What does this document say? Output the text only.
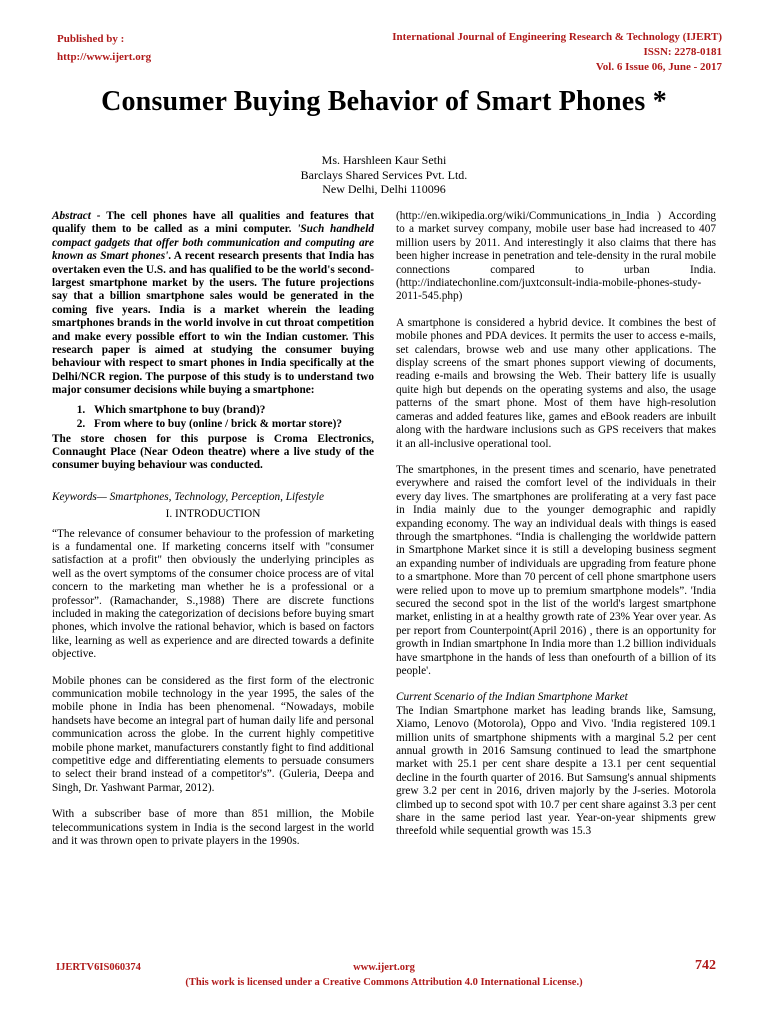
Published by :
http://www.ijert.org
International Journal of Engineering Research & Technology (IJERT)
ISSN: 2278-0181
Vol. 6 Issue 06, June - 2017
Consumer Buying Behavior of Smart Phones *
Ms. Harshleen Kaur Sethi
Barclays Shared Services Pvt. Ltd.
New Delhi, Delhi 110096

Abstract - The cell phones have all qualities and features that qualify them to be called as a mini computer. 'Such handheld compact gadgets that offer both communication and computing are known as Smart phones'. A recent research presents that India has overtaken even the U.S. and has qualified to be the world's second-largest smartphone market by the users. The future projections say that a billion smartphone sales would be generated in the coming five years. India is a market wherein the leading smartphones brands in the world involve in cut throat competition and make every possible effort to win the Indian customer. This research paper is aimed at studying the consumer buying behaviour with respect to smart phones in India specifically at the Delhi/NCR region. The purpose of this study is to understand two major consumer decisions while buying a smartphone:

1. Which smartphone to buy (brand)?
2. From where to buy (online / brick & mortar store)?

The store chosen for this purpose is Croma Electronics, Connaught Place (Near Odeon theatre) where a live study of the consumer buying behaviour was conducted.

Keywords— Smartphones, Technology, Perception, Lifestyle

I. INTRODUCTION

“The relevance of consumer behaviour to the profession of marketing is a fundamental one. If marketing concerns itself with "consumer satisfaction at a profit" then obviously the underlying principles as well as the overt symptoms of the consumer choice process are of vital concern to the marketing man whether he is a professional or a professor”. (Ramachander, S.,1988) There are discrete functions included in making the categorization of decisions before buying smart phones, which involve the rational behavior, which is based on factors like, learning as well as experience and are directed towards a definite objective.

Mobile phones can be considered as the first form of the electronic communication mobile technology in the year 1995, the sales of the mobile phone in India has been phenomenal. “Nowadays, mobile handsets have become an integral part of human daily life and personal communication across the globe. In the current highly competitive mobile phone market, manufacturers constantly fight to find additional competitive edge and differentiating elements to persuade consumers to select their brand instead of a competitor's”. (Guleria, Deepa and Singh, Dr. Yashwant Parmar, 2012).

With a subscriber base of more than 851 million, the Mobile telecommunications system in India is the second largest in the world and it was thrown open to private players in the 1990s.

(http://en.wikipedia.org/wiki/Communications_in_India ) According to a market survey company, mobile user base had increased to 407 million users by 2011. And interestingly it also claims that there has been higher increase in penetration and tele-density in the rural mobile connections compared to urban India. (http://indiatechonline.com/juxtconsult-india-mobile-phones-study-2011-545.php)

A smartphone is considered a hybrid device. It combines the best of mobile phones and PDA devices. It permits the user to access e-mails, set calendars, browse web and use many other applications. The display screens of the smart phones support viewing of documents, reading e-mails and browsing the Web. Their battery life is usually quite high but depends on the operating systems and also, the usage patterns of the smart phone. Most of them have high-resolution cameras and added features like, games and eBook readers are inbuilt along with the hardware inclusions such as GPS receivers that makes it an all-inclusive operational tool.

The smartphones, in the present times and scenario, have penetrated everywhere and raised the comfort level of the individuals in their every day lives. The smartphones are proliferating at a very fast pace in India mainly due to the younger demographic and rapidly expanding economy. The way an individual deals with things is eased through the smartphones. “India is challenging the worldwide pattern in Smartphone Market since it is still a developing business segment an expanding number of individuals are upgrading from feature phone to a smartphone. More than 70 percent of cell phone smartphone users were relied upon to move up to premium smartphone models”. 'India secured the second spot in the list of the world's largest smartphone market, enlisting in at a healthy growth rate of 23% Year over year. As per report from Counterpoint(April 2016) , there is an opportunity for growth in Indian smartphone In India more than 1.2 billion individuals have smartphone in the hands of less than onefourth of a billion of its people'.

Current Scenario of the Indian Smartphone Market

The Indian Smartphone market has leading brands like, Samsung, Xiamo, Lenovo (Motorola), Oppo and Vivo. 'India registered 109.1 million units of smartphone shipments with a marginal 5.2 per cent annual growth in 2016 Samsung continued to lead the smartphone market with 25.1 per cent share despite a 13.1 per cent sequential decline in the fourth quarter of 2016. But Samsung's annual shipments grew 3.2 per cent in 2016, driven majorly by the J-series. Motorola climbed up to second spot with 10.7 per cent share against 3.3 per cent share in the same period last year. Year-on-year shipments grew threefold while sequential growth was 15.3

IJERTV6IS060374	www.ijert.org	742
(This work is licensed under a Creative Commons Attribution 4.0 International License.)
